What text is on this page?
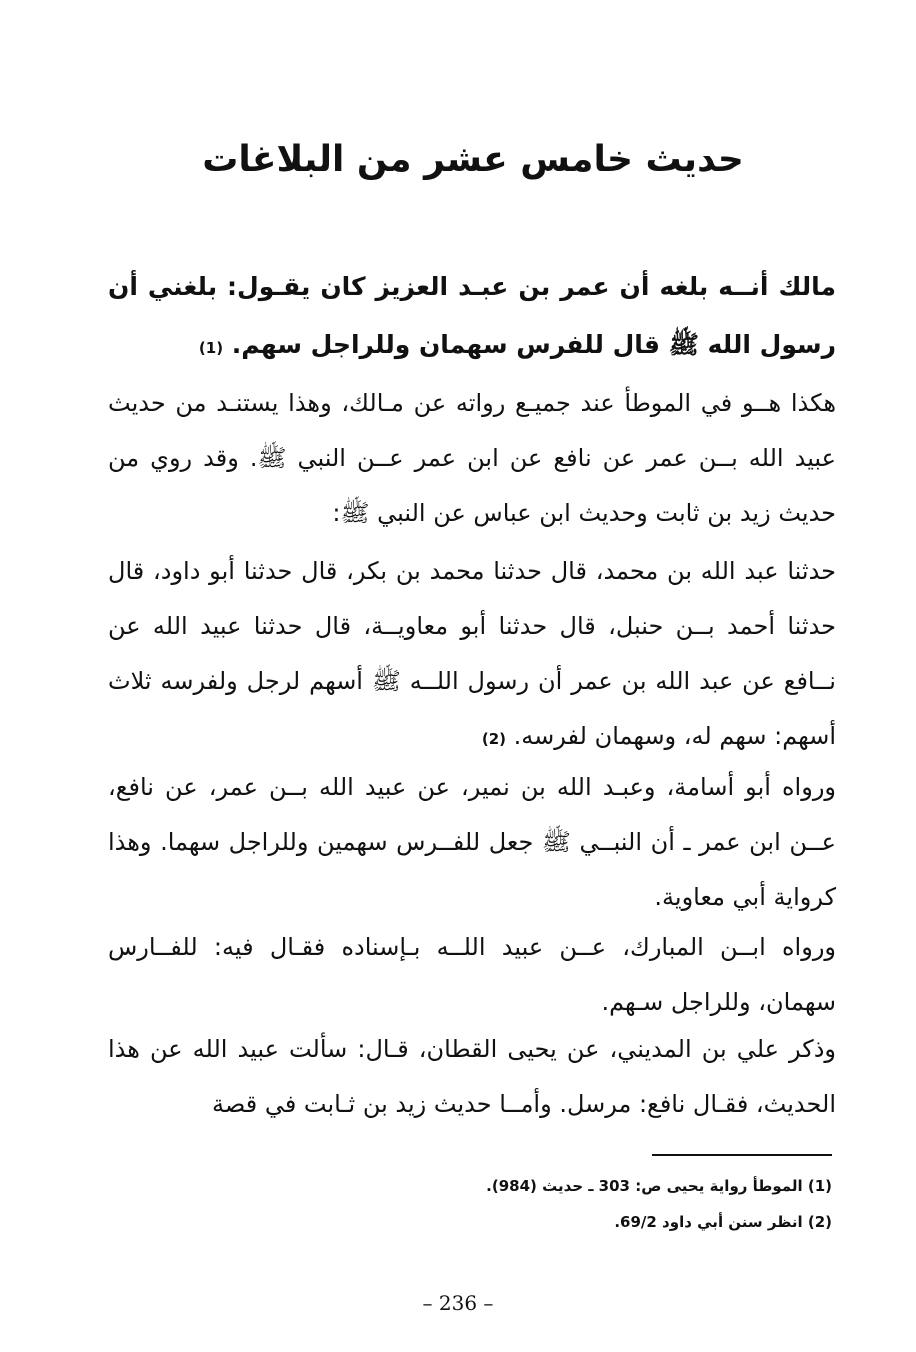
حديث خامس عشر من البلاغات

مالك أنــه بلغه أن عمر بن عبـد العزيز كان يقـول: بلغني أن رسول الله ﷺ قال للفرس سهمان وللراجل سهم. (1)

هكذا هــو في الموطأ عند جميـع رواته عن مـالك، وهذا يستنـد من حديث عبيد الله بــن عمر عن نافع عن ابن عمر عــن النبي ﷺ. وقد روي من حديث زيد بن ثابت وحديث ابن عباس عن النبي ﷺ:

حدثنا عبد الله بن محمد، قال حدثنا محمد بن بكر، قال حدثنا أبو داود، قال حدثنا أحمد بــن حنبل، قال حدثنا أبو معاويــة، قال حدثنا عبيد الله عن نــافع عن عبد الله بن عمر أن رسول اللــه ﷺ أسهم لرجل ولفرسه ثلاث أسهم: سهم له، وسهمان لفرسه. (2)

ورواه أبو أسامة، وعبـد الله بن نمير، عن عبيد الله بــن عمر، عن نافع، عــن ابن عمر ـ أن النبــي ﷺ جعل للفــرس سهمين وللراجل سهما. وهذا كرواية أبي معاوية.

ورواه ابــن المبارك، عــن عبيد اللــه بـإسناده فقـال فيه: للفــارس سهمان، وللراجل سـهم.

وذكر علي بن المديني، عن يحيى القطان، قـال: سألت عبيد الله عن هذا الحديث، فقـال نافع: مرسل. وأمــا حديث زيد بن ثـابت في قصة

(1) الموطأ رواية يحيى ص: 303 ـ حديث (984).

(2) انظر سنن أبي داود 69/2.

– 236 –
